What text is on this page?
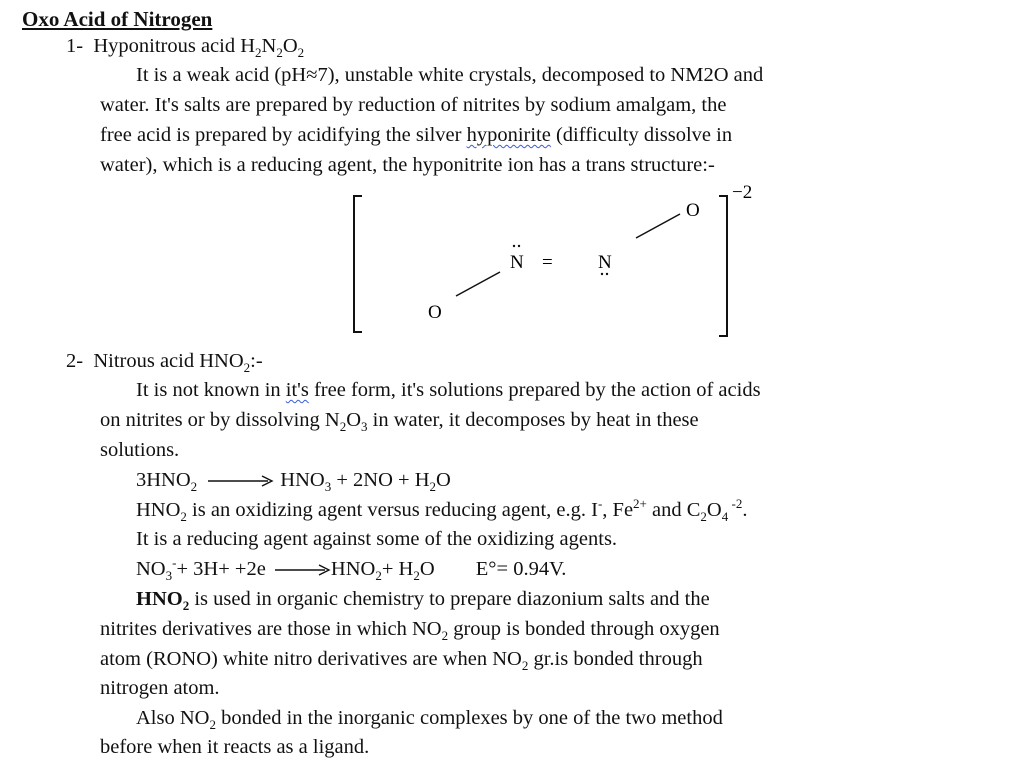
Oxo Acid of Nitrogen
1- Hyponitrous acid $H_2N_2O_2$
It is a weak acid (pH≈7), unstable white crystals, decomposed to NM2O and
water. It's salts are prepared by reduction of nitrites by sodium amalgam, the
free acid is prepared by acidifying the silver hyponirite (difficulty dissolve in
water), which is a reducing agent, the hyponitrite ion has a trans structure:-
−2
O
N = N
O
2- Nitrous acid $HNO_2:-$
It is not known in it's free form, it's solutions prepared by the action of acids
on nitrites or by dissolving $N_2O_3$ in water, it decomposes by heat in these
solutions.
$3HNO_2 \to HNO_3 + 2NO + H_2O$
$HNO_2$ is an oxidizing agent versus reducing agent, e.g. I-, $Fe^{2+}$ and $C_2O_4$ $^{-2}$.
It is a reducing agent against some of the oxidizing agents.
$NO_3^-+ 3H+ +2e \to HNO_2+ H_2O$ E°= 0.94V.
$HNO_2$ is used in organic chemistry to prepare diazonium salts and the
nitrites derivatives are those in which $NO_2$ group is bonded through oxygen
atom (RONO) white nitro derivatives are when $NO_2$ gr.is bonded through
nitrogen atom.
Also $NO_2$ bonded in the inorganic complexes by one of the two method
before when it reacts as a ligand.
